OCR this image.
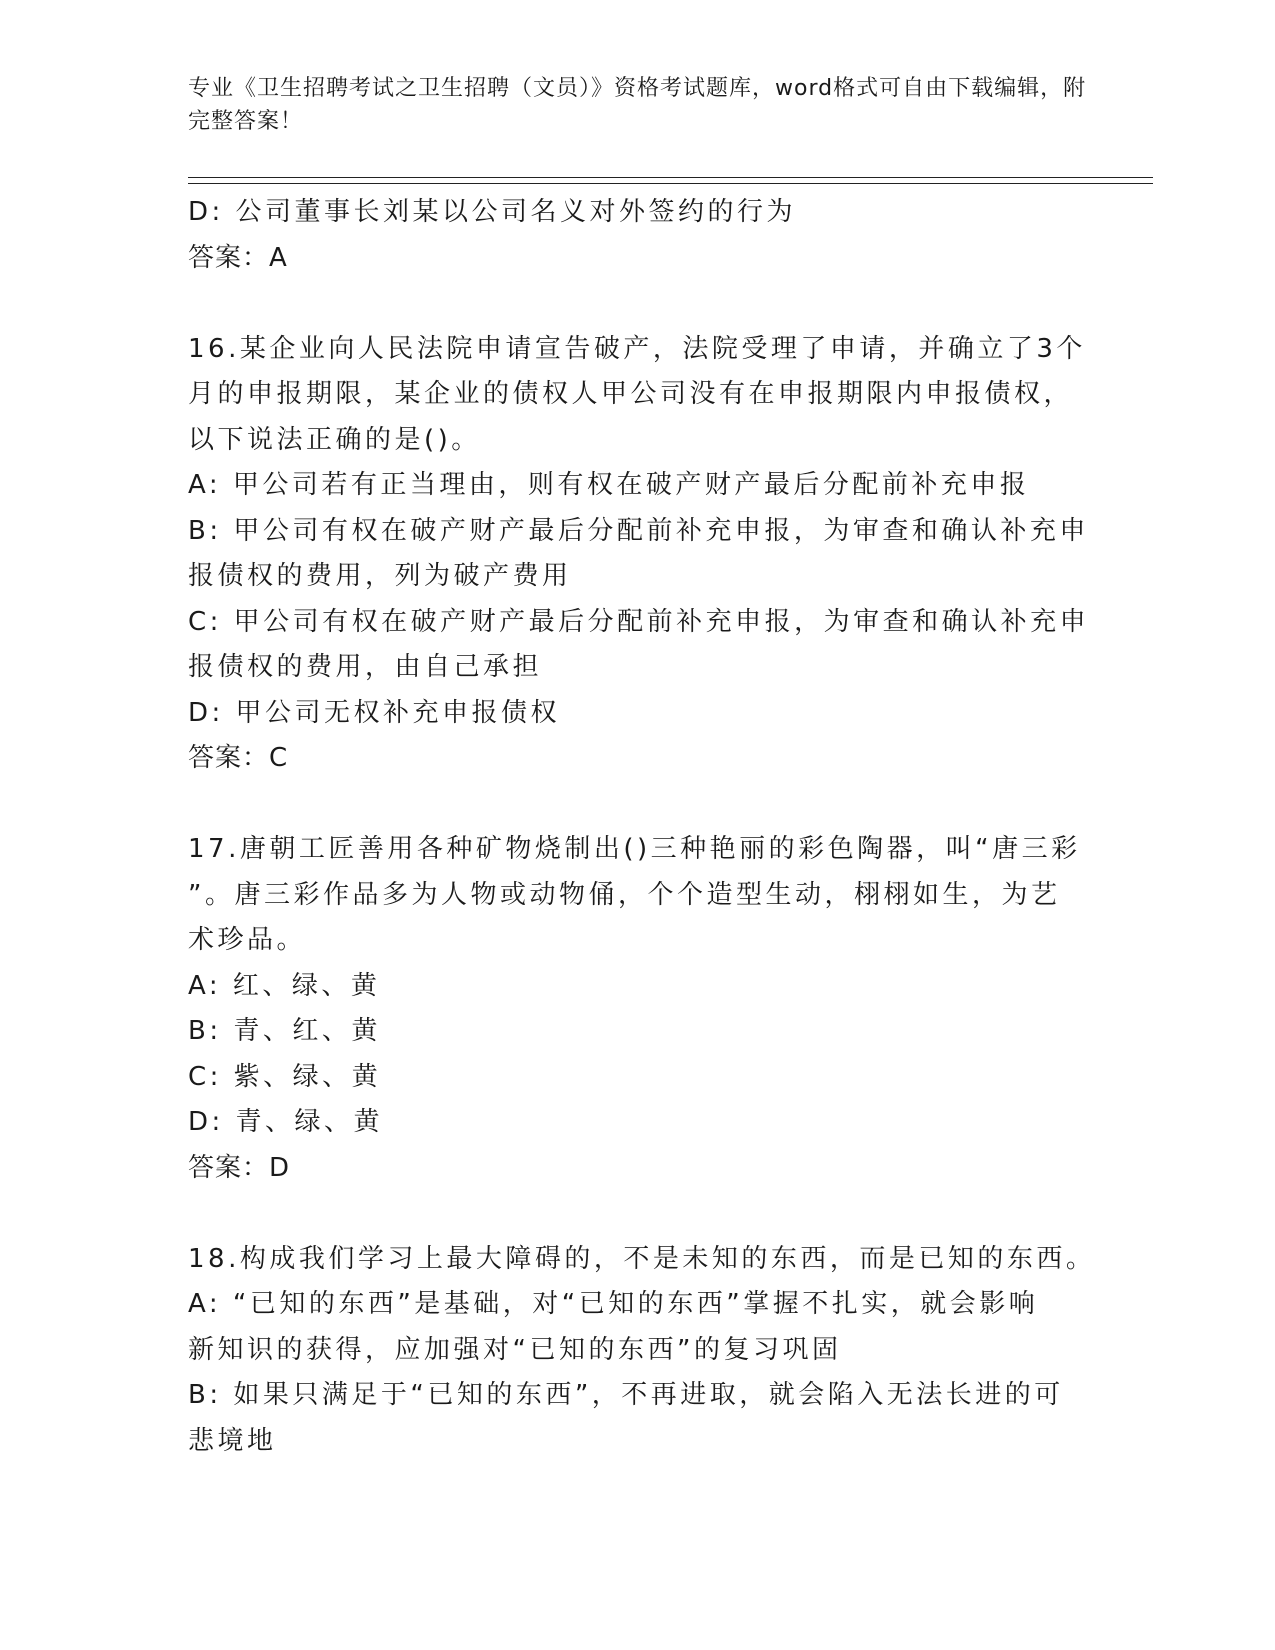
专业《卫生招聘考试之卫生招聘（文员）》资格考试题库，word格式可自由下载编辑，附完整答案！
D: 公司董事长刘某以公司名义对外签约的行为
答案：A
16.某企业向人民法院申请宣告破产，法院受理了申请，并确立了3个
月的申报期限，某企业的债权人甲公司没有在申报期限内申报债权，
以下说法正确的是()。
A: 甲公司若有正当理由，则有权在破产财产最后分配前补充申报
B: 甲公司有权在破产财产最后分配前补充申报，为审查和确认补充申
报债权的费用，列为破产费用
C: 甲公司有权在破产财产最后分配前补充申报，为审查和确认补充申
报债权的费用，由自己承担
D: 甲公司无权补充申报债权
答案：C
17.唐朝工匠善用各种矿物烧制出()三种艳丽的彩色陶器，叫“唐三彩
”。唐三彩作品多为人物或动物俑，个个造型生动，栩栩如生，为艺
术珍品。
A: 红、绿、黄
B: 青、红、黄
C: 紫、绿、黄
D: 青、绿、黄
答案：D
18.构成我们学习上最大障碍的，不是未知的东西，而是已知的东西。
A: “已知的东西”是基础，对“已知的东西”掌握不扎实，就会影响
新知识的获得，应加强对“已知的东西”的复习巩固
B: 如果只满足于“已知的东西”，不再进取，就会陷入无法长进的可
悲境地
